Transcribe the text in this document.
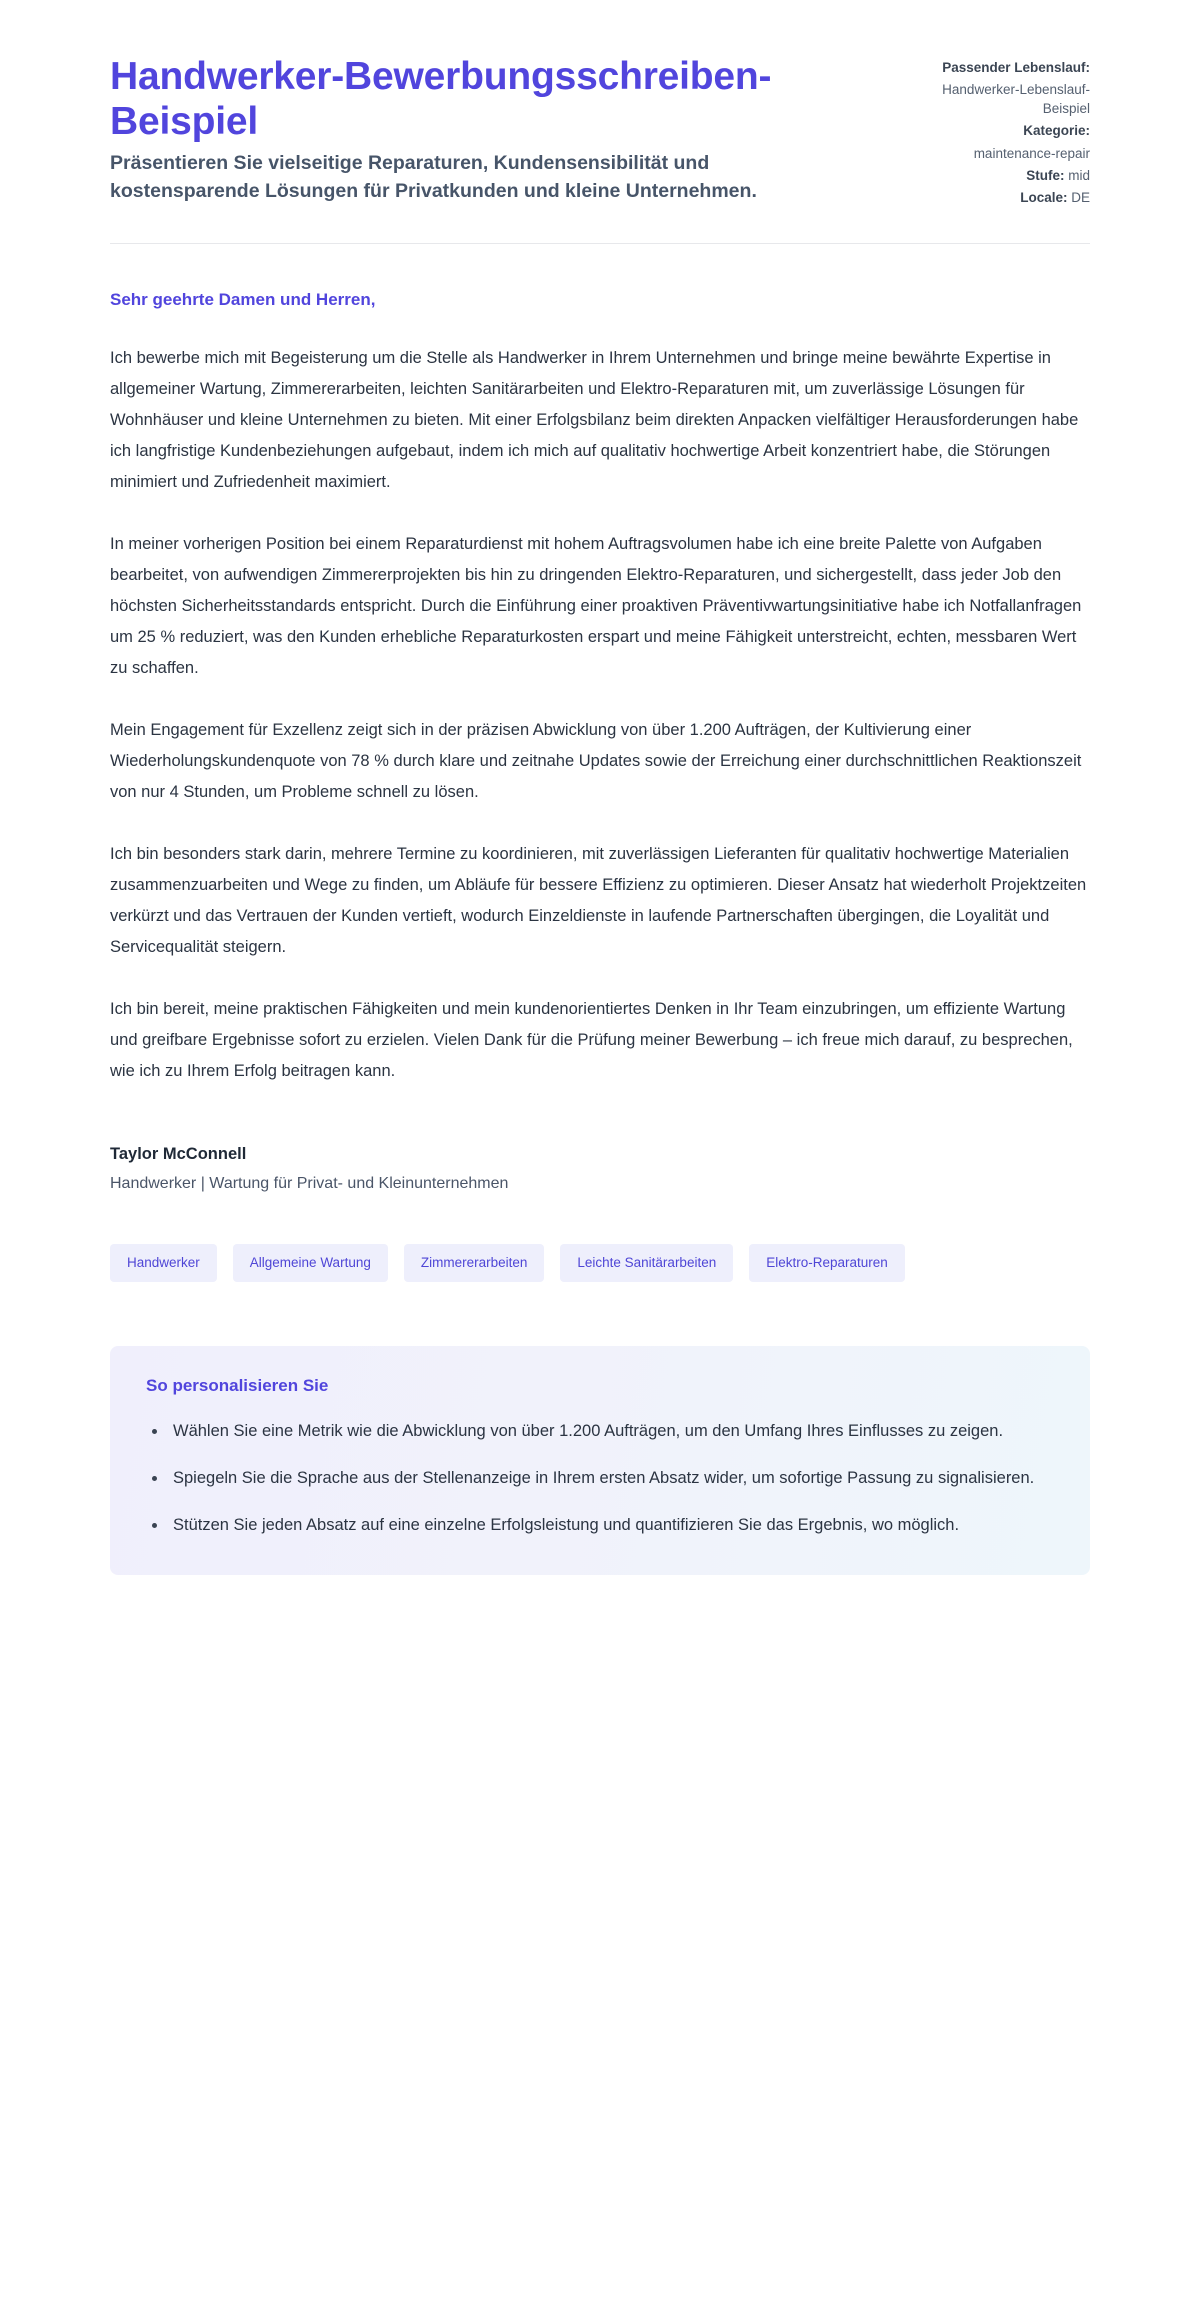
Handwerker-Bewerbungsschreiben-Beispiel

Präsentieren Sie vielseitige Reparaturen, Kundensensibilität und kostensparende Lösungen für Privatkunden und kleine Unternehmen.

Passender Lebenslauf:
Handwerker-Lebenslauf-Beispiel
Kategorie:
maintenance-repair
Stufe: mid
Locale: DE

Sehr geehrte Damen und Herren,

Ich bewerbe mich mit Begeisterung um die Stelle als Handwerker in Ihrem Unternehmen und bringe meine bewährte Expertise in allgemeiner Wartung, Zimmererarbeiten, leichten Sanitärarbeiten und Elektro-Reparaturen mit, um zuverlässige Lösungen für Wohnhäuser und kleine Unternehmen zu bieten. Mit einer Erfolgsbilanz beim direkten Anpacken vielfältiger Herausforderungen habe ich langfristige Kundenbeziehungen aufgebaut, indem ich mich auf qualitativ hochwertige Arbeit konzentriert habe, die Störungen minimiert und Zufriedenheit maximiert.

In meiner vorherigen Position bei einem Reparaturdienst mit hohem Auftragsvolumen habe ich eine breite Palette von Aufgaben bearbeitet, von aufwendigen Zimmererprojekten bis hin zu dringenden Elektro-Reparaturen, und sichergestellt, dass jeder Job den höchsten Sicherheitsstandards entspricht. Durch die Einführung einer proaktiven Präventivwartungsinitiative habe ich Notfallanfragen um 25 % reduziert, was den Kunden erhebliche Reparaturkosten erspart und meine Fähigkeit unterstreicht, echten, messbaren Wert zu schaffen.

Mein Engagement für Exzellenz zeigt sich in der präzisen Abwicklung von über 1.200 Aufträgen, der Kultivierung einer Wiederholungskundenquote von 78 % durch klare und zeitnahe Updates sowie der Erreichung einer durchschnittlichen Reaktionszeit von nur 4 Stunden, um Probleme schnell zu lösen.

Ich bin besonders stark darin, mehrere Termine zu koordinieren, mit zuverlässigen Lieferanten für qualitativ hochwertige Materialien zusammenzuarbeiten und Wege zu finden, um Abläufe für bessere Effizienz zu optimieren. Dieser Ansatz hat wiederholt Projektzeiten verkürzt und das Vertrauen der Kunden vertieft, wodurch Einzeldienste in laufende Partnerschaften übergingen, die Loyalität und Servicequalität steigern.

Ich bin bereit, meine praktischen Fähigkeiten und mein kundenorientiertes Denken in Ihr Team einzubringen, um effiziente Wartung und greifbare Ergebnisse sofort zu erzielen. Vielen Dank für die Prüfung meiner Bewerbung – ich freue mich darauf, zu besprechen, wie ich zu Ihrem Erfolg beitragen kann.

Taylor McConnell

Handwerker | Wartung für Privat- und Kleinunternehmen

Handwerker	Allgemeine Wartung	Zimmererarbeiten	Leichte Sanitärarbeiten	Elektro-Reparaturen
So personalisieren Sie
Wählen Sie eine Metrik wie die Abwicklung von über 1.200 Aufträgen, um den Umfang Ihres Einflusses zu zeigen.
Spiegeln Sie die Sprache aus der Stellenanzeige in Ihrem ersten Absatz wider, um sofortige Passung zu signalisieren.
Stützen Sie jeden Absatz auf eine einzelne Erfolgsleistung und quantifizieren Sie das Ergebnis, wo möglich.
